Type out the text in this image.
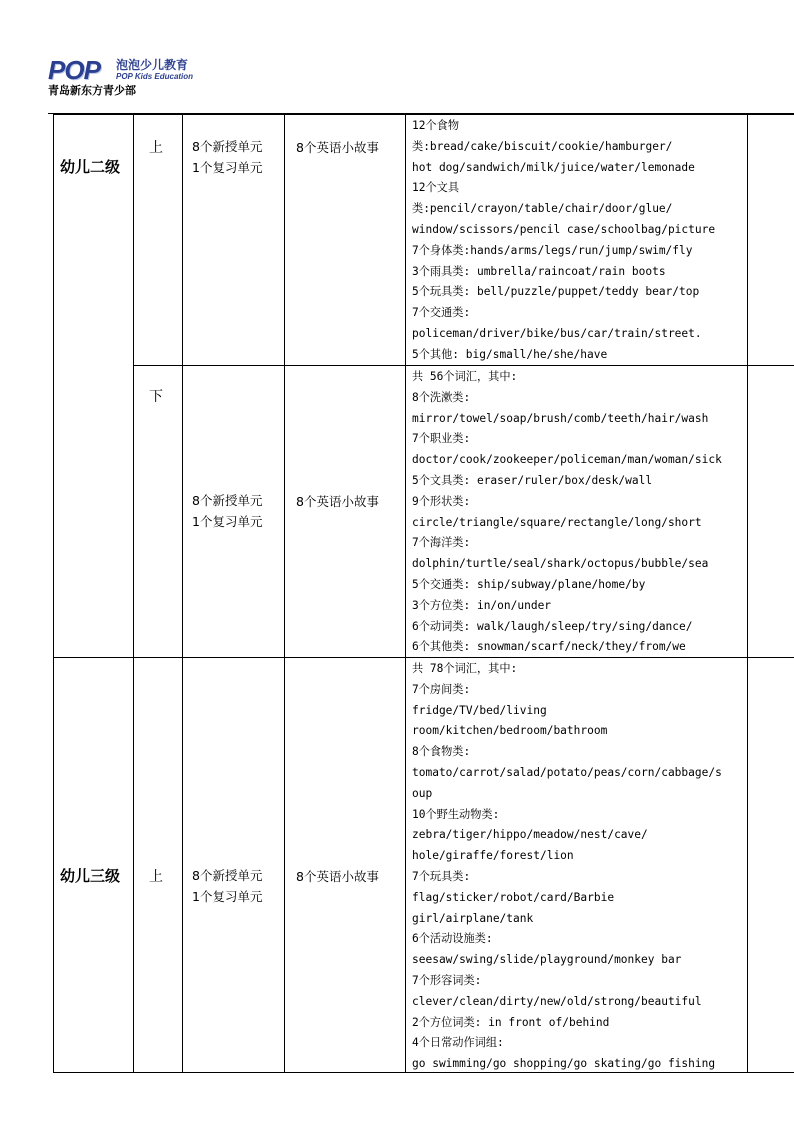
POP 泡泡少儿教育
POP Kids Education
青岛新东方青少部
幼儿二级
上 8个新授单元
1个复习单元
8个英语小故事
12个食物
类:bread/cake/biscuit/cookie/hamburger/
hot dog/sandwich/milk/juice/water/lemonade
12个文具
类:pencil/crayon/table/chair/door/glue/
window/scissors/pencil case/schoolbag/picture
7个身体类:hands/arms/legs/run/jump/swim/fly
3个雨具类: umbrella/raincoat/rain boots
5个玩具类: bell/puzzle/puppet/teddy bear/top
7个交通类:
policeman/driver/bike/bus/car/train/street.
5个其他: big/small/he/she/have
下
8个新授单元
1个复习单元
8个英语小故事
共 56个词汇，其中:
8个洗漱类:
mirror/towel/soap/brush/comb/teeth/hair/wash
7个职业类:
doctor/cook/zookeeper/policeman/man/woman/sick
5个文具类: eraser/ruler/box/desk/wall
9个形状类:
circle/triangle/square/rectangle/long/short
7个海洋类:
dolphin/turtle/seal/shark/octopus/bubble/sea
5个交通类: ship/subway/plane/home/by
3个方位类: in/on/under
6个动词类: walk/laugh/sleep/try/sing/dance/
6个其他类: snowman/scarf/neck/they/from/we
幼儿三级 上 8个新授单元
1个复习单元
8个英语小故事
共 78个词汇，其中:
7个房间类:
fridge/TV/bed/living
room/kitchen/bedroom/bathroom
8个食物类:
tomato/carrot/salad/potato/peas/corn/cabbage/s
oup
10个野生动物类:
zebra/tiger/hippo/meadow/nest/cave/
hole/giraffe/forest/lion
7个玩具类:
flag/sticker/robot/card/Barbie
girl/airplane/tank
6个活动设施类:
seesaw/swing/slide/playground/monkey bar
7个形容词类:
clever/clean/dirty/new/old/strong/beautiful
2个方位词类: in front of/behind
4个日常动作词组:
go swimming/go shopping/go skating/go fishing
